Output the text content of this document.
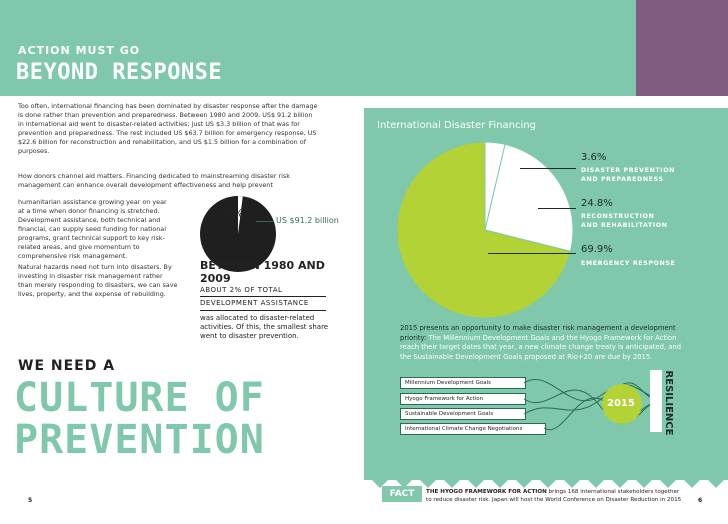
ACTION MUST GO
BEYOND RESPONSE
Too often, international financing has been dominated by disaster response after the damage is done rather than prevention and preparedness. Between 1980 and 2009, US$ 91.2 billion in international aid went to disaster-related activities; just US $3.3 billion of that was for prevention and preparedness. The rest included US $63.7 billion for emergency response, US $22.6 billion for reconstruction and rehabilitation, and US $1.5 billion for a combination of purposes.
How donors channel aid matters. Financing dedicated to mainstreaming disaster risk management can enhance overall development effectiveness and help prevent
humanitarian assistance growing year on year at a time when donor financing is stretched. Development assistance, both technical and financial, can supply seed funding for national programs, grant technical support to key risk-related areas, and give momentum to comprehensive risk management.
Natural hazards need not turn into disasters. By investing in disaster risk management rather than merely responding to disasters, we can save lives, property, and the expense of rebuilding.
2%
US $91.2 billion
BETWEEN 1980 AND 2009
ABOUT 2% OF TOTAL
DEVELOPMENT ASSISTANCE
was allocated to disaster-related activities. Of this, the smallest share went to disaster prevention.
WE NEED A
CULTURE OF
PREVENTION
International Disaster Financing
3.6%
DISASTER PREVENTION
AND PREPAREDNESS
24.8%
RECONSTRUCTION
AND REHABILITATION
69.9%
EMERGENCY RESPONSE
2015 presents an opportunity to make disaster risk management a development priority: The Millennium Development Goals and the Hyogo Framework for Action reach their target dates that year, a new climate change treaty is anticipated, and the Sustainable Development Goals proposed at Rio+20 are due by 2015.
Millennium Development Goals
Hyogo Framework for Action
Sustainable Development Goals
International Climate Change Negotiations
2015	RESILIENCE
5	6
FACT	THE HYOGO FRAMEWORK FOR ACTION brings 168 international stakeholders together to reduce disaster risk. Japan will host the World Conference on Disaster Reduction in 2015
